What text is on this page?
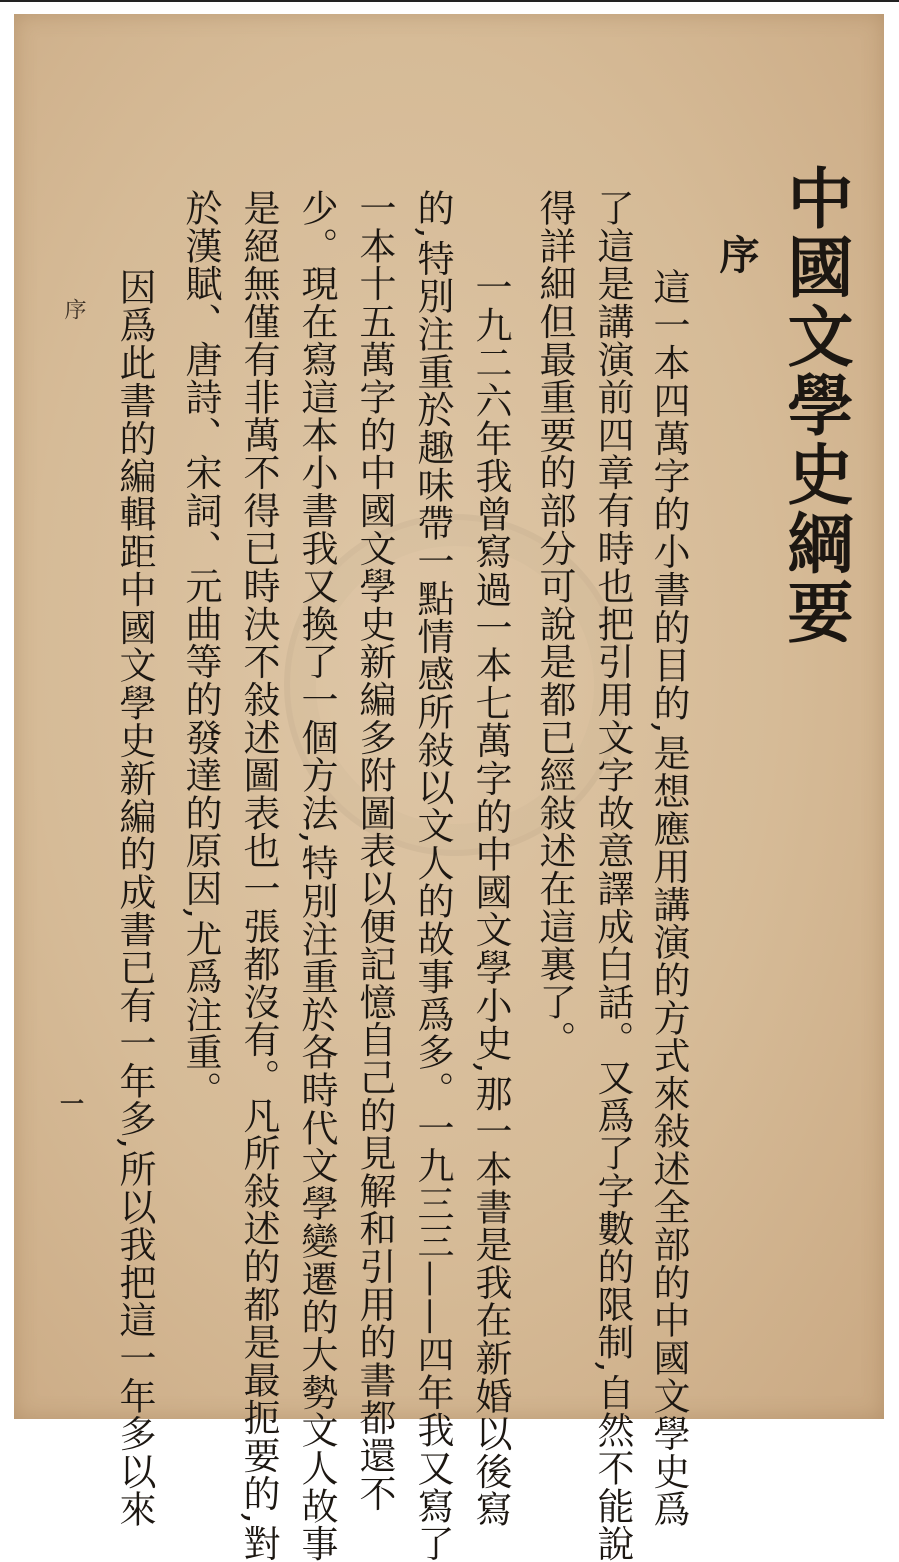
中國文學史綱要
序
這一本四萬字的小書的目的,是想應用講演的方式來敍述全部的中國文學史爲
了這是講演前四章有時也把引用文字故意譯成白話。又爲了字數的限制,自然不能說
得詳細但最重要的部分可說是都已經敍述在這裏了。
一九二六年我曾寫過一本七萬字的中國文學小史,那一本書是我在新婚以後寫
的,特別注重於趣味帶一點情感所敍以文人的故事爲多。一九三三——四年我又寫了
一本十五萬字的中國文學史新編多附圖表以便記憶自己的見解和引用的書都還不
少。現在寫這本小書我又換了一個方法,特別注重於各時代文學變遷的大勢文人故事
是絕無僅有非萬不得已時決不敍述圖表也一張都沒有。凡所敍述的都是最扼要的,對
於漢賦、唐詩、宋詞、元曲等的發達的原因,尤爲注重。
因爲此書的編輯距中國文學史新編的成書已有一年多,所以我把這一年多以來
序
一
